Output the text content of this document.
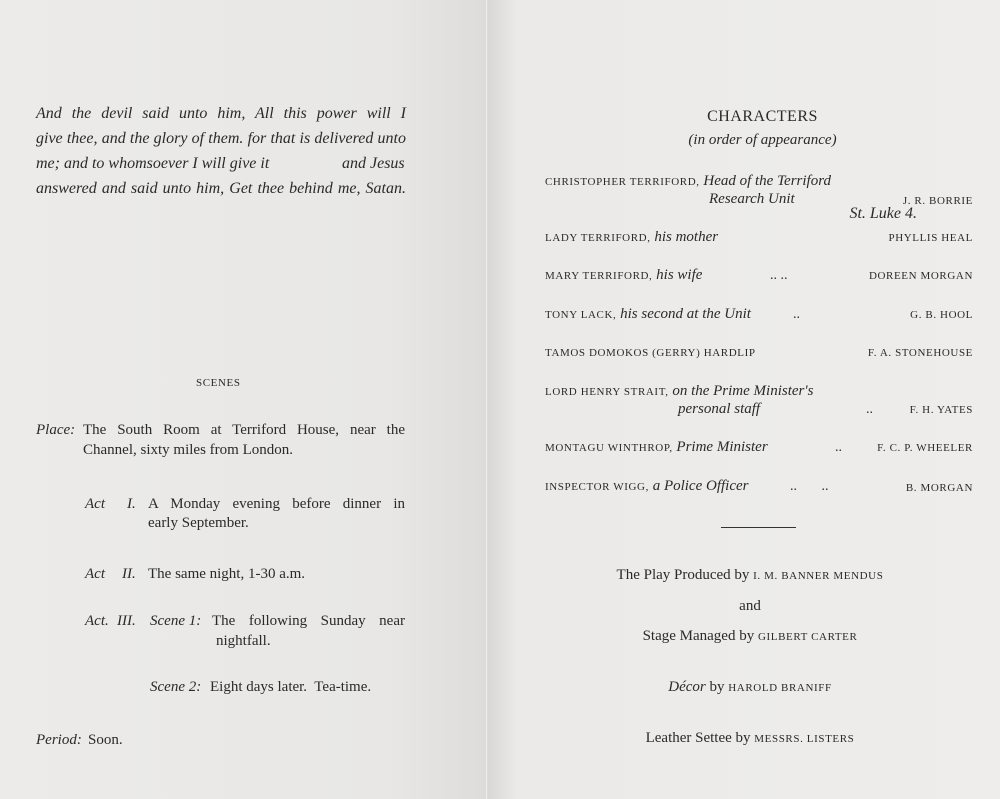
And the devil said unto him, All this power will I
give thee, and the glory of them. for that is delivered unto
me; and to whomsoever I will give it	and Jesus
answered and said unto him, Get thee behind me, Satan.
St. Luke 4.
SCENES
Place: The South Room at Terriford House, near the
Channel, sixty miles from London.
Act I. A Monday evening before dinner in
early September.
Act II. The same night, 1-30 a.m.
Act. III. Scene 1: The following Sunday near
nightfall.
Scene 2: Eight days later.  Tea-time.
Period: Soon.
CHARACTERS
(in order of appearance)
CHRISTOPHER TERRIFORD, Head of the Terriford
Research Unit	J. R. BORRIE
LADY TERRIFORD, his mother	PHYLLIS HEAL
MARY TERRIFORD, his wife	.. ..	DOREEN MORGAN
TONY LACK, his second at the Unit	..	G. B. HOOL
TAMOS DOMOKOS (GERRY) HARDLIP	F. A. STONEHOUSE
LORD HENRY STRAIT, on the Prime Minister's
personal staff	..	F. H. YATES
MONTAGU WINTHROP, Prime Minister	..	F. C. P. WHEELER
INSPECTOR WIGG, a Police Officer	..       ..	B. MORGAN
The Play Produced by I. M. BANNER MENDUS
and
Stage Managed by GILBERT CARTER
Décor by HAROLD BRANIFF
Leather Settee by MESSRS. LISTERS
